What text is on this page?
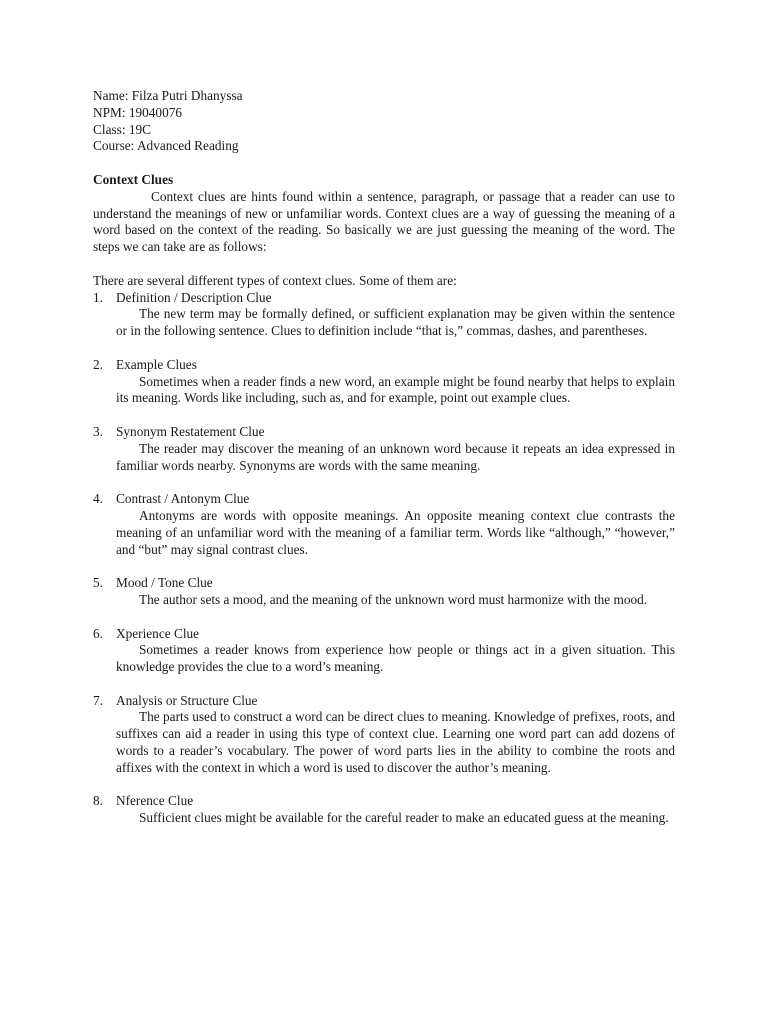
Name: Filza Putri Dhanyssa

NPM: 19040076

Class: 19C

Course: Advanced Reading

Context Clues

Context clues are hints found within a sentence, paragraph, or passage that a reader can use to understand the meanings of new or unfamiliar words. Context clues are a way of guessing the meaning of a word based on the context of the reading. So basically we are just guessing the meaning of the word. The steps we can take are as follows:

There are several different types of context clues. Some of them are:

1. Definition / Description Clue

The new term may be formally defined, or sufficient explanation may be given within the sentence or in the following sentence. Clues to definition include “that is,” commas, dashes, and parentheses.

2. Example Clues

Sometimes when a reader finds a new word, an example might be found nearby that helps to explain its meaning. Words like including, such as, and for example, point out example clues.

3. Synonym Restatement Clue

The reader may discover the meaning of an unknown word because it repeats an idea expressed in familiar words nearby. Synonyms are words with the same meaning.

4. Contrast / Antonym Clue

Antonyms are words with opposite meanings. An opposite meaning context clue contrasts the meaning of an unfamiliar word with the meaning of a familiar term. Words like “although,” “however,” and “but” may signal contrast clues.

5. Mood / Tone Clue

The author sets a mood, and the meaning of the unknown word must harmonize with the mood.

6. Xperience Clue

Sometimes a reader knows from experience how people or things act in a given situation. This knowledge provides the clue to a word’s meaning.

7. Analysis or Structure Clue

The parts used to construct a word can be direct clues to meaning. Knowledge of prefixes, roots, and suffixes can aid a reader in using this type of context clue. Learning one word part can add dozens of words to a reader’s vocabulary. The power of word parts lies in the ability to combine the roots and affixes with the context in which a word is used to discover the author’s meaning.

8. Nference Clue

Sufficient clues might be available for the careful reader to make an educated guess at the meaning.
